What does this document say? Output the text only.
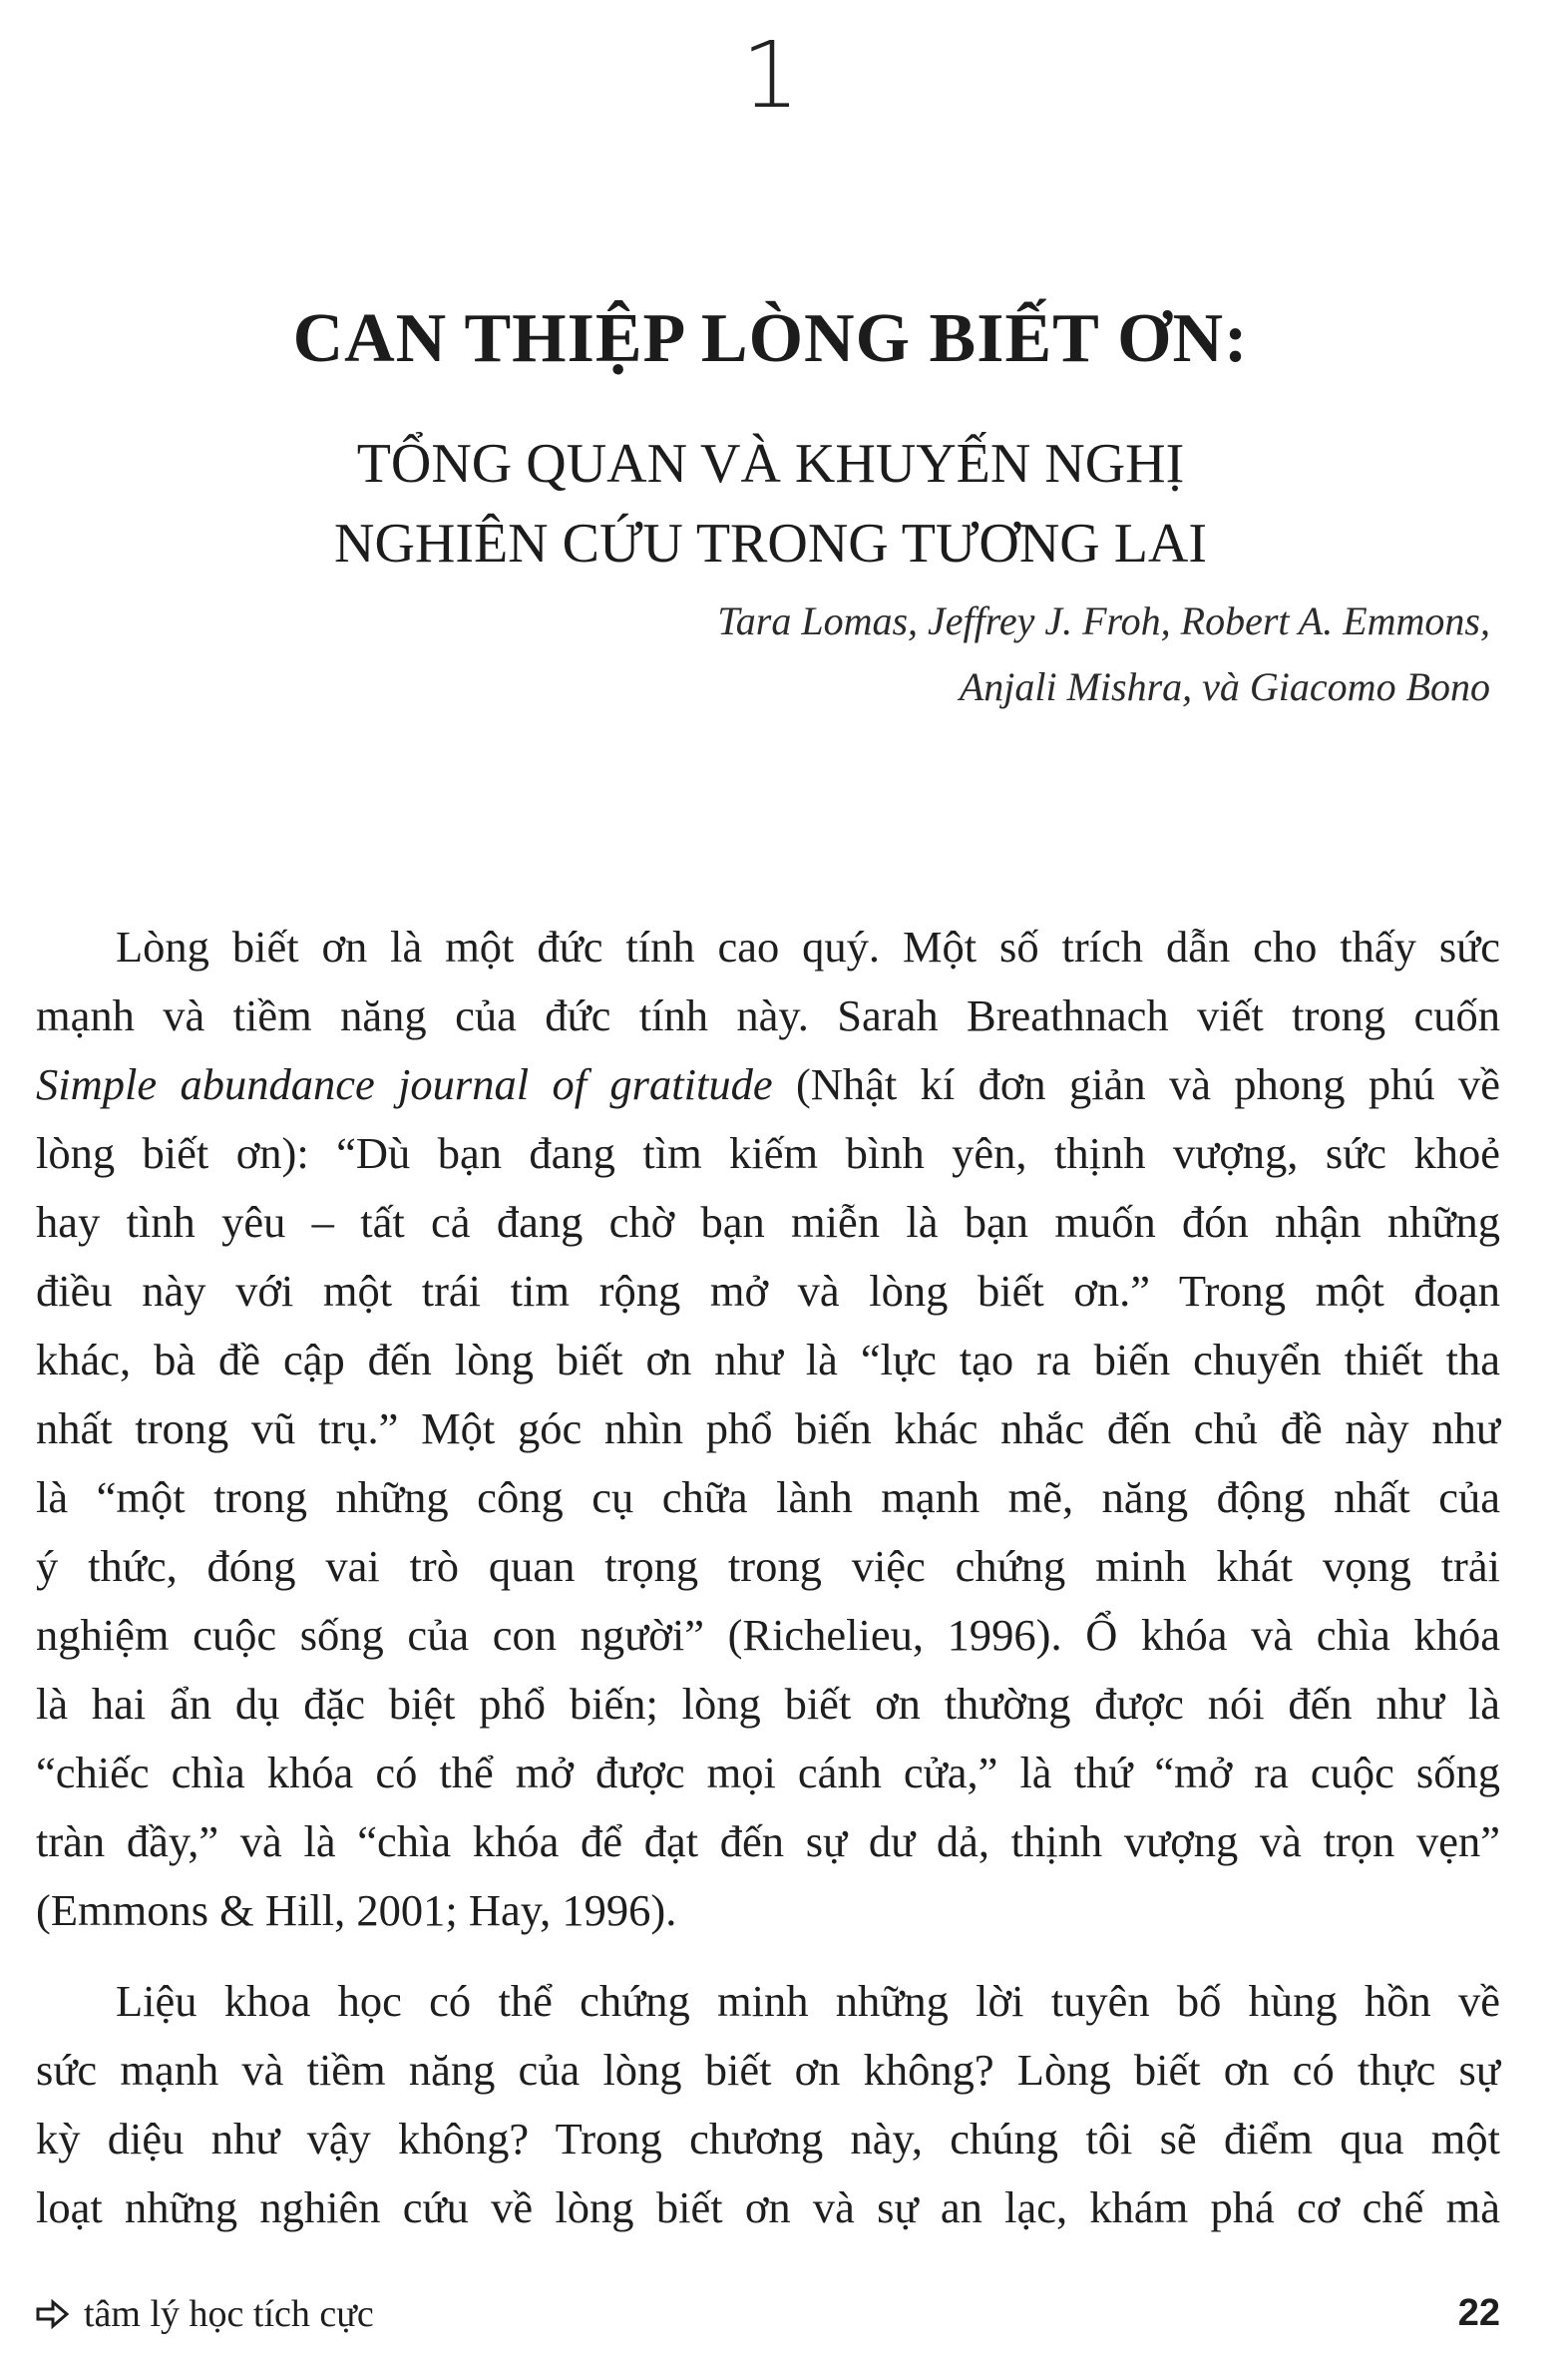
1
CAN THIỆP LÒNG BIẾT ƠN:
TỔNG QUAN VÀ KHUYẾN NGHỊ
NGHIÊN CỨU TRONG TƯƠNG LAI
Tara Lomas, Jeffrey J. Froh, Robert A. Emmons,
Anjali Mishra, và Giacomo Bono
Lòng biết ơn là một đức tính cao quý. Một số trích dẫn cho thấy sức
mạnh và tiềm năng của đức tính này. Sarah Breathnach viết trong cuốn
Simple abundance journal of gratitude (Nhật kí đơn giản và phong phú về
lòng biết ơn): “Dù bạn đang tìm kiếm bình yên, thịnh vượng, sức khoẻ
hay tình yêu – tất cả đang chờ bạn miễn là bạn muốn đón nhận những
điều này với một trái tim rộng mở và lòng biết ơn.” Trong một đoạn
khác, bà đề cập đến lòng biết ơn như là “lực tạo ra biến chuyển thiết tha
nhất trong vũ trụ.” Một góc nhìn phổ biến khác nhắc đến chủ đề này như
là “một trong những công cụ chữa lành mạnh mẽ, năng động nhất của
ý thức, đóng vai trò quan trọng trong việc chứng minh khát vọng trải
nghiệm cuộc sống của con người” (Richelieu, 1996). Ổ khóa và chìa khóa
là hai ẩn dụ đặc biệt phổ biến; lòng biết ơn thường được nói đến như là
“chiếc chìa khóa có thể mở được mọi cánh cửa,” là thứ “mở ra cuộc sống
tràn đầy,” và là “chìa khóa để đạt đến sự dư dả, thịnh vượng và trọn vẹn”
(Emmons & Hill, 2001; Hay, 1996).
Liệu khoa học có thể chứng minh những lời tuyên bố hùng hồn về
sức mạnh và tiềm năng của lòng biết ơn không? Lòng biết ơn có thực sự
kỳ diệu như vậy không? Trong chương này, chúng tôi sẽ điểm qua một
loạt những nghiên cứu về lòng biết ơn và sự an lạc, khám phá cơ chế mà
tâm lý học tích cực	22
